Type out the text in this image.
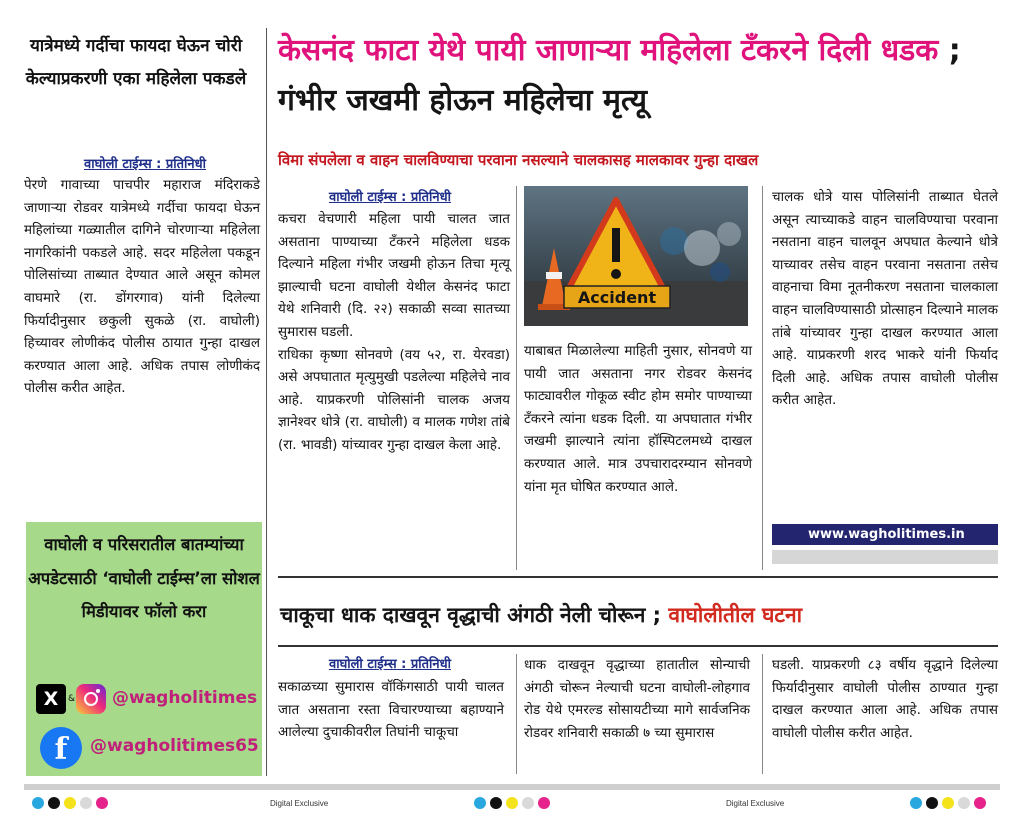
यात्रेमध्ये गर्दीचा फायदा घेऊन चोरी केल्याप्रकरणी एका महिलेला पकडले
वाघोली टाईम्स : प्रतिनिधी
पेरणे गावाच्या पाचपीर महाराज मंदिराकडे जाणाऱ्या रोडवर यात्रेमध्ये गर्दीचा फायदा घेऊन महिलांच्या गळ्यातील दागिने चोरणाऱ्या महिलेला नागरिकांनी पकडले आहे. सदर महिलेला पकडून पोलिसांच्या ताब्यात देण्यात आले असून कोमल वाघमारे (रा. डोंगरगाव) यांनी दिलेल्या फिर्यादीनुसार छकुली सुकळे (रा. वाघोली) हिच्यावर लोणीकंद पोलीस ठायात गुन्हा दाखल करण्यात आला आहे. अधिक तपास लोणीकंद पोलीस करीत आहेत.
वाघोली व परिसरातील बातम्यांच्या अपडेटसाठी ‘वाघोली टाईम्स’ला सोशल मिडीयावर फॉलो करा
X	& @wagholitimes
f	@wagholitimes65
केसनंद फाटा येथे पायी जाणाऱ्या महिलेला टँकरने दिली धडक ; गंभीर जखमी होऊन महिलेचा मृत्यू
विमा संपलेला व वाहन चालविण्याचा परवाना नसल्याने चालकासह मालकावर गुन्हा दाखल
वाघोली टाईम्स : प्रतिनिधी
कचरा वेचणारी महिला पायी चालत जात असताना पाण्याच्या टँकरने महिलेला धडक दिल्याने महिला गंभीर जखमी होऊन तिचा मृत्यू झाल्याची घटना वाघोली येथील केसनंद फाटा येथे शनिवारी (दि. २२) सकाळी सव्वा सातच्या सुमारास घडली.
राधिका कृष्णा सोनवणे (वय ५२, रा. येरवडा) असे अपघातात मृत्युमुखी पडलेल्या महिलेचे नाव आहे. याप्रकरणी पोलिसांनी चालक अजय ज्ञानेश्वर धोत्रे (रा. वाघोली) व मालक गणेश तांबे (रा. भावडी) यांच्यावर गुन्हा दाखल केला आहे.
Accident
याबाबत मिळालेल्या माहिती नुसार, सोनवणे या पायी जात असताना नगर रोडवर केसनंद फाट्यावरील गोकूळ स्वीट होम समोर पाण्याच्या टँकरने त्यांना धडक दिली. या अपघातात गंभीर जखमी झाल्याने त्यांना हॉस्पिटलमध्ये दाखल करण्यात आले. मात्र उपचारादरम्यान सोनवणे यांना मृत घोषित करण्यात आले.
चालक धोत्रे यास पोलिसांनी ताब्यात घेतले असून त्याच्याकडे वाहन चालविण्याचा परवाना नसताना वाहन चालवून अपघात केल्याने धोत्रे याच्यावर तसेच वाहन परवाना नसताना तसेच वाहनाचा विमा नूतनीकरण नसताना चालकाला वाहन चालविण्यासाठी प्रोत्साहन दिल्याने मालक तांबे यांच्यावर गुन्हा दाखल करण्यात आला आहे. याप्रकरणी शरद भाकरे यांनी फिर्याद दिली आहे. अधिक तपास वाघोली पोलीस करीत आहेत.
www.wagholitimes.in
चाकूचा धाक दाखवून वृद्धाची अंगठी नेली चोरून ; वाघोलीतील घटना
वाघोली टाईम्स : प्रतिनिधी
सकाळच्या सुमारास वॉकिंगसाठी पायी चालत जात असताना रस्ता विचारण्याच्या बहाण्याने आलेल्या दुचाकीवरील तिघांनी चाकूचा
धाक दाखवून वृद्धाच्या हातातील सोन्याची अंगठी चोरून नेल्याची घटना वाघोली-लोहगाव रोड येथे एमरल्ड सोसायटीच्या मागे सार्वजनिक रोडवर शनिवारी सकाळी ७ च्या सुमारास
घडली. याप्रकरणी ८३ वर्षीय वृद्धाने दिलेल्या फिर्यादीनुसार वाघोली पोलीस ठाण्यात गुन्हा दाखल करण्यात आला आहे. अधिक तपास वाघोली पोलीस करीत आहेत.
Digital Exclusive	Digital Exclusive
